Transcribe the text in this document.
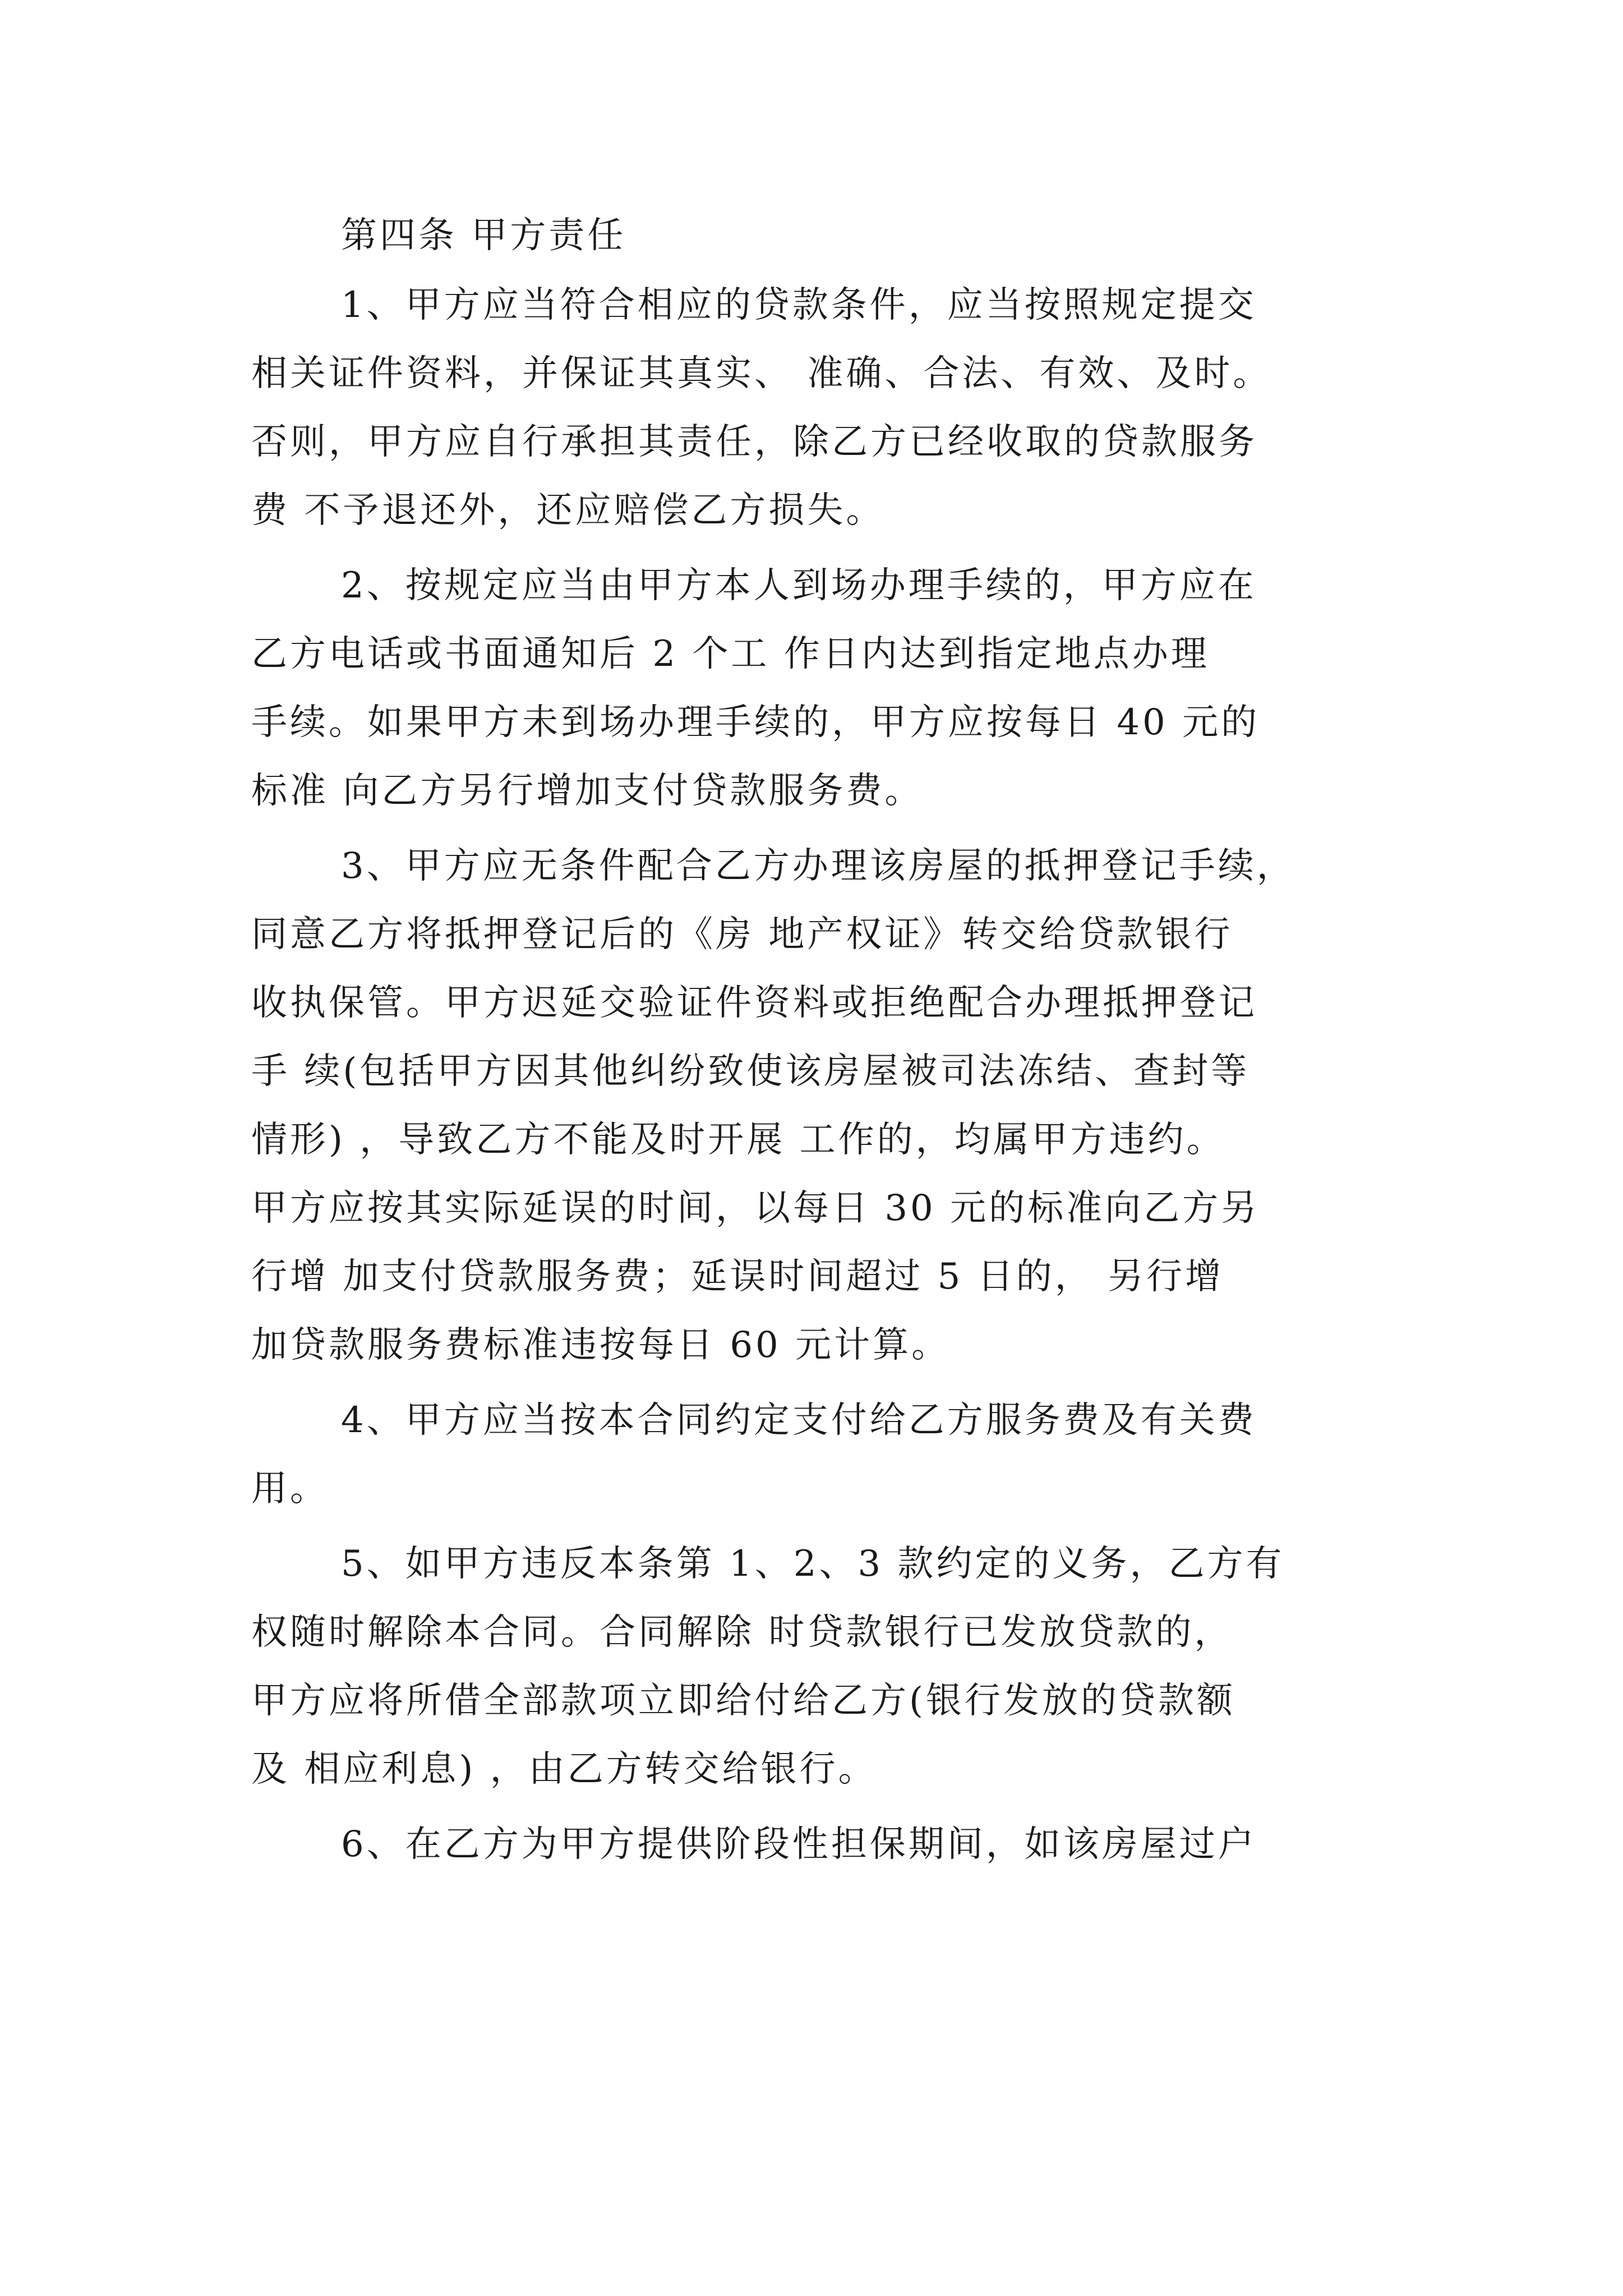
第四条 甲方责任
1、甲方应当符合相应的贷款条件，应当按照规定提交
相关证件资料，并保证其真实、 准确、合法、有效、及时。
否则，甲方应自行承担其责任，除乙方已经收取的贷款服务
费 不予退还外，还应赔偿乙方损失。
2、按规定应当由甲方本人到场办理手续的，甲方应在
乙方电话或书面通知后 2 个工 作日内达到指定地点办理
手续。如果甲方未到场办理手续的，甲方应按每日 40 元的
标准 向乙方另行增加支付贷款服务费。
3、甲方应无条件配合乙方办理该房屋的抵押登记手续，
同意乙方将抵押登记后的《房 地产权证》转交给贷款银行
收执保管。甲方迟延交验证件资料或拒绝配合办理抵押登记
手 续(包括甲方因其他纠纷致使该房屋被司法冻结、查封等
情形) ，导致乙方不能及时开展 工作的，均属甲方违约。
甲方应按其实际延误的时间，以每日 30 元的标准向乙方另
行增 加支付贷款服务费；延误时间超过 5 日的， 另行增
加贷款服务费标准违按每日 60 元计算。
4、甲方应当按本合同约定支付给乙方服务费及有关费
用。
5、如甲方违反本条第 1、2、3 款约定的义务，乙方有
权随时解除本合同。合同解除 时贷款银行已发放贷款的，
甲方应将所借全部款项立即给付给乙方(银行发放的贷款额
及 相应利息) ，由乙方转交给银行。
6、在乙方为甲方提供阶段性担保期间，如该房屋过户
